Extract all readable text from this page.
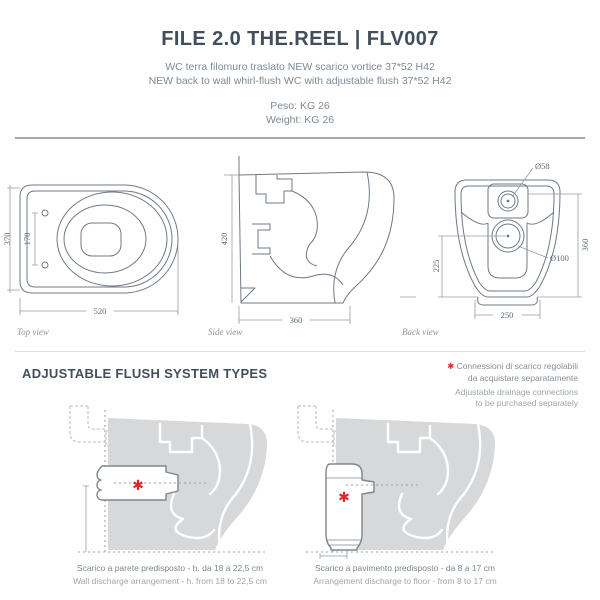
FILE 2.0 THE.REEL | FLV007

WC terra filomuro traslato NEW scarico vortice 37*52 H42

NEW back to wall whirl-flush WC with adjustable flush 37*52 H42

Peso: KG 26

Weight: KG 26

170
370
520
Top view
420
360
Side view
Ø58
Ø100
360
225
250
Back view
ADJUSTABLE FLUSH SYSTEM TYPES	✱ Connessioni di scarico regolabili
da acquistare separatamente
Adjustable drainage connections
to be purchased separately
✱
Scarico a parete predisposto - h. da 18 a 22,5 cm
Wall discharge arrangement - h. from 18 to 22,5 cm
✱
Scarico a pavimento predisposto - da 8 a 17 cm
Arrangement discharge to floor - from 8 to 17 cm
